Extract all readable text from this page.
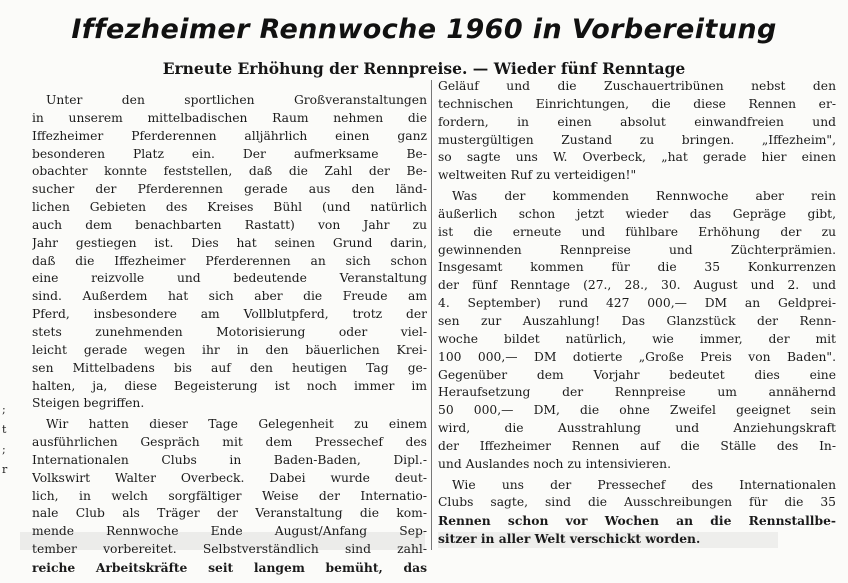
Iffezheimer Rennwoche 1960 in Vorbereitung
Erneute Erhöhung der Rennpreise. — Wieder fünf Renntage
;
t
;
r
Unter den sportlichen Großveranstaltungen
in unserem mittelbadischen Raum nehmen die
Iffezheimer Pferderennen alljährlich einen ganz
besonderen Platz ein. Der aufmerksame Be-
obachter konnte feststellen, daß die Zahl der Be-
sucher der Pferderennen gerade aus den länd-
lichen Gebieten des Kreises Bühl (und natürlich
auch dem benachbarten Rastatt) von Jahr zu
Jahr gestiegen ist. Dies hat seinen Grund darin,
daß die Iffezheimer Pferderennen an sich schon
eine reizvolle und bedeutende Veranstaltung
sind. Außerdem hat sich aber die Freude am
Pferd, insbesondere am Vollblutpferd, trotz der
stets zunehmenden Motorisierung oder viel-
leicht gerade wegen ihr in den bäuerlichen Krei-
sen Mittelbadens bis auf den heutigen Tag ge-
halten, ja, diese Begeisterung ist noch immer im
Steigen begriffen.
Wir hatten dieser Tage Gelegenheit zu einem
ausführlichen Gespräch mit dem Pressechef des
Internationalen Clubs in Baden-Baden, Dipl.-
Volkswirt Walter Overbeck. Dabei wurde deut-
lich, in welch sorgfältiger Weise der Internatio-
nale Club als Träger der Veranstaltung die kom-
mende Rennwoche Ende August/Anfang Sep-
tember vorbereitet. Selbstverständlich sind zahl-
reiche Arbeitskräfte seit langem bemüht, das
Geläuf und die Zuschauertribünen nebst den
technischen Einrichtungen, die diese Rennen er-
fordern, in einen absolut einwandfreien und
mustergültigen Zustand zu bringen. „Iffezheim",
so sagte uns W. Overbeck, „hat gerade hier einen
weltweiten Ruf zu verteidigen!"
Was der kommenden Rennwoche aber rein
äußerlich schon jetzt wieder das Gepräge gibt,
ist die erneute und fühlbare Erhöhung der zu
gewinnenden Rennpreise und Züchterprämien.
Insgesamt kommen für die 35 Konkurrenzen
der fünf Renntage (27., 28., 30. August und 2. und
4. September) rund 427 000,— DM an Geldprei-
sen zur Auszahlung! Das Glanzstück der Renn-
woche bildet natürlich, wie immer, der mit
100 000,— DM dotierte „Große Preis von Baden".
Gegenüber dem Vorjahr bedeutet dies eine
Heraufsetzung der Rennpreise um annähernd
50 000,— DM, die ohne Zweifel geeignet sein
wird, die Ausstrahlung und Anziehungskraft
der Iffezheimer Rennen auf die Ställe des In-
und Auslandes noch zu intensivieren.
Wie uns der Pressechef des Internationalen
Clubs sagte, sind die Ausschreibungen für die 35
Rennen schon vor Wochen an die Rennstallbe-
sitzer in aller Welt verschickt worden.
